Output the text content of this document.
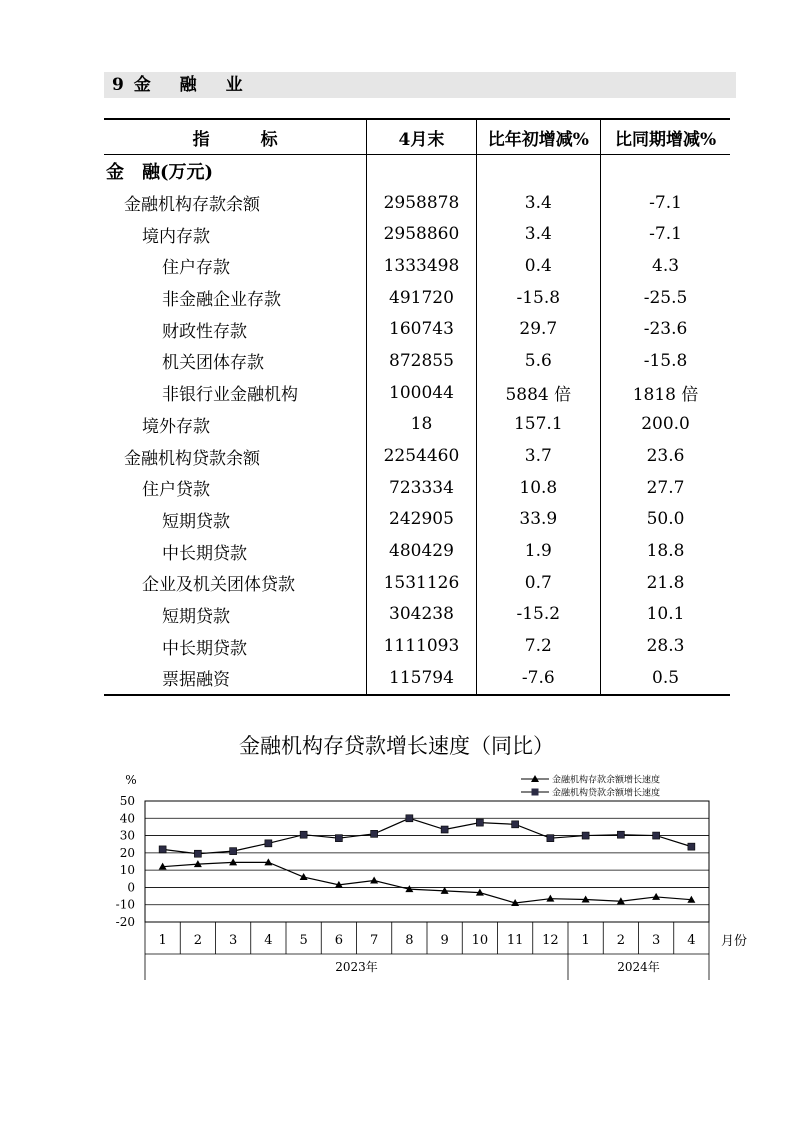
9 金　 融　 业
指　　　标	4月末	比年初增减%	比同期增减%
金　融(万元)			
金融机构存款余额	2958878	3.4	-7.1
境内存款	2958860	3.4	-7.1
住户存款	1333498	0.4	4.3
非金融企业存款	491720	-15.8	-25.5
财政性存款	160743	29.7	-23.6
机关团体存款	872855	5.6	-15.8
非银行业金融机构	100044	5884 倍	1818 倍
境外存款	18	157.1	200.0
金融机构贷款余额	2254460	3.7	23.6
住户贷款	723334	10.8	27.7
短期贷款	242905	33.9	50.0
中长期贷款	480429	1.9	18.8
企业及机关团体贷款	1531126	0.7	21.8
短期贷款	304238	-15.2	10.1
中长期贷款	1111093	7.2	28.3
票据融资	115794	-7.6	0.5
金融机构存贷款增长速度（同比）
50
40
30
20
10
0
-10
-20
%
1 2 3 4 5 6 7 8 9 10 11 12 1 2 3 4
2023年	2024年
月份
金融机构存款余额增长速度
金融机构贷款余额增长速度
